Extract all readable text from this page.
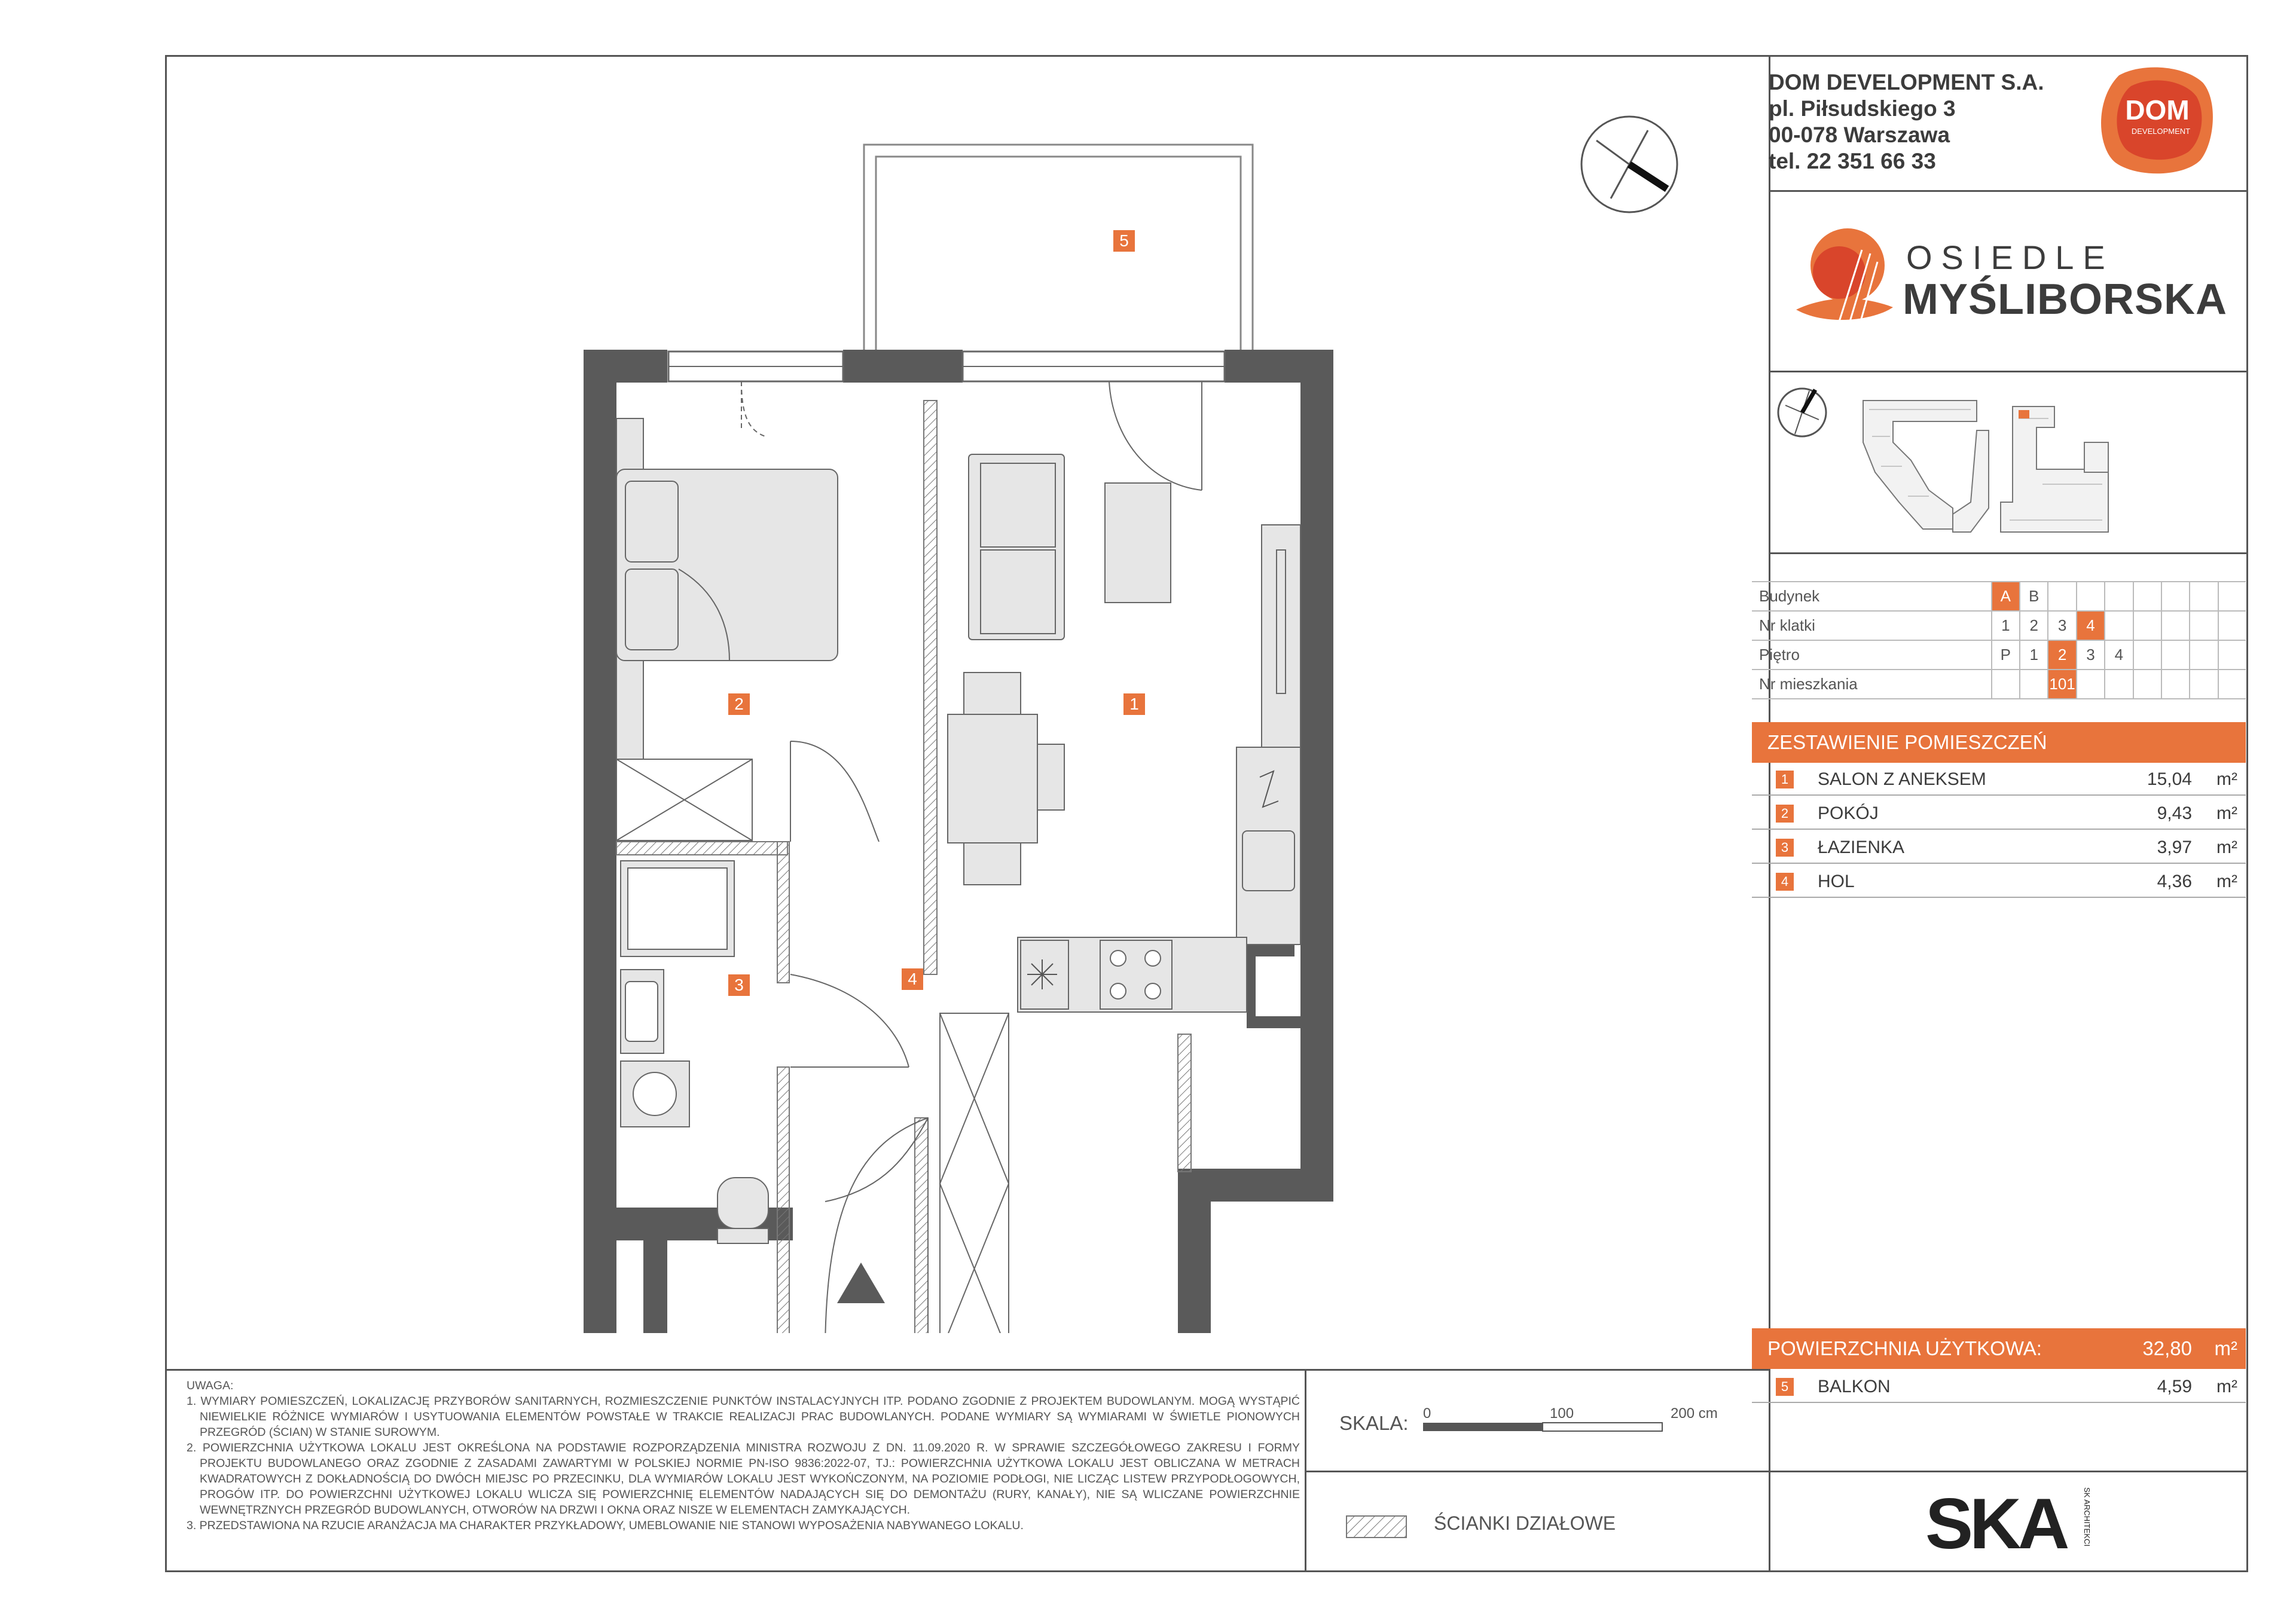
DOM DEVELOPMENT S.A.
pl. Piłsudskiego 3
00-078 Warszawa
tel. 22 351 66 33
DOM
DEVELOPMENT
OSIEDLE
MYŚLIBORSKA
Budynek	A	B							
Nr klatki	1	2	3	4					
Piętro	P	1	2	3	4				
Nr mieszkania			101						
ZESTAWIENIE POMIESZCZEŃ
1 SALON Z ANEKSEM	15,04 m²
2 POKÓJ	9,43 m²
3 ŁAZIENKA	3,97 m²
4 HOL	4,36 m²
POWIERZCHNIA UŻYTKOWA:	32,80 m²
5 BALKON	4,59 m²
SKA SK ARCHITEKCI

UWAGA:

1. WYMIARY POMIESZCZEŃ, LOKALIZACJĘ PRZYBORÓW SANITARNYCH, ROZMIESZCZENIE PUNKTÓW INSTALACYJNYCH ITP. PODANO ZGODNIE Z PROJEKTEM BUDOWLANYM. MOGĄ WYSTĄPIĆ NIEWIELKIE RÓŻNICE WYMIARÓW I USYTUOWANIA ELEMENTÓW POWSTAŁE W TRAKCIE REALIZACJI PRAC BUDOWLANYCH. PODANE WYMIARY SĄ WYMIARAMI W ŚWIETLE PIONOWYCH PRZEGRÓD (ŚCIAN) W STANIE SUROWYM.

2. POWIERZCHNIA UŻYTKOWA LOKALU JEST OKREŚLONA NA PODSTAWIE ROZPORZĄDZENIA MINISTRA ROZWOJU Z DN. 11.09.2020 R. W SPRAWIE SZCZEGÓŁOWEGO ZAKRESU I FORMY PROJEKTU BUDOWLANEGO ORAZ ZGODNIE Z ZASADAMI ZAWARTYMI W POLSKIEJ NORMIE PN-ISO 9836:2022-07, TJ.: POWIERZCHNIA UŻYTKOWA LOKALU JEST OBLICZANA W METRACH KWADRATOWYCH Z DOKŁADNOŚCIĄ DO DWÓCH MIEJSC PO PRZECINKU, DLA WYMIARÓW LOKALU JEST WYKOŃCZONYM, NA POZIOMIE PODŁOGI, NIE LICZĄC LISTEW PRZYPODŁOGOWYCH, PROGÓW ITP. DO POWIERZCHNI UŻYTKOWEJ LOKALU WLICZA SIĘ POWIERZCHNIĘ ELEMENTÓW NADAJĄCYCH SIĘ DO DEMONTAŻU (RURY, KANAŁY), NIE SĄ WLICZANE POWIERZCHNIE WEWNĘTRZNYCH PRZEGRÓD BUDOWLANYCH, OTWORÓW NA DRZWI I OKNA ORAZ NISZE W ELEMENTACH ZAMYKAJĄCYCH.

3. PRZEDSTAWIONA NA RZUCIE ARANŻACJA MA CHARAKTER PRZYKŁADOWY, UMEBLOWANIE NIE STANOWI WYPOSAŻENIA NABYWANEGO LOKALU.

SKALA: 0	100	200 cm
ŚCIANKI DZIAŁOWE
1
2
3	4
5
